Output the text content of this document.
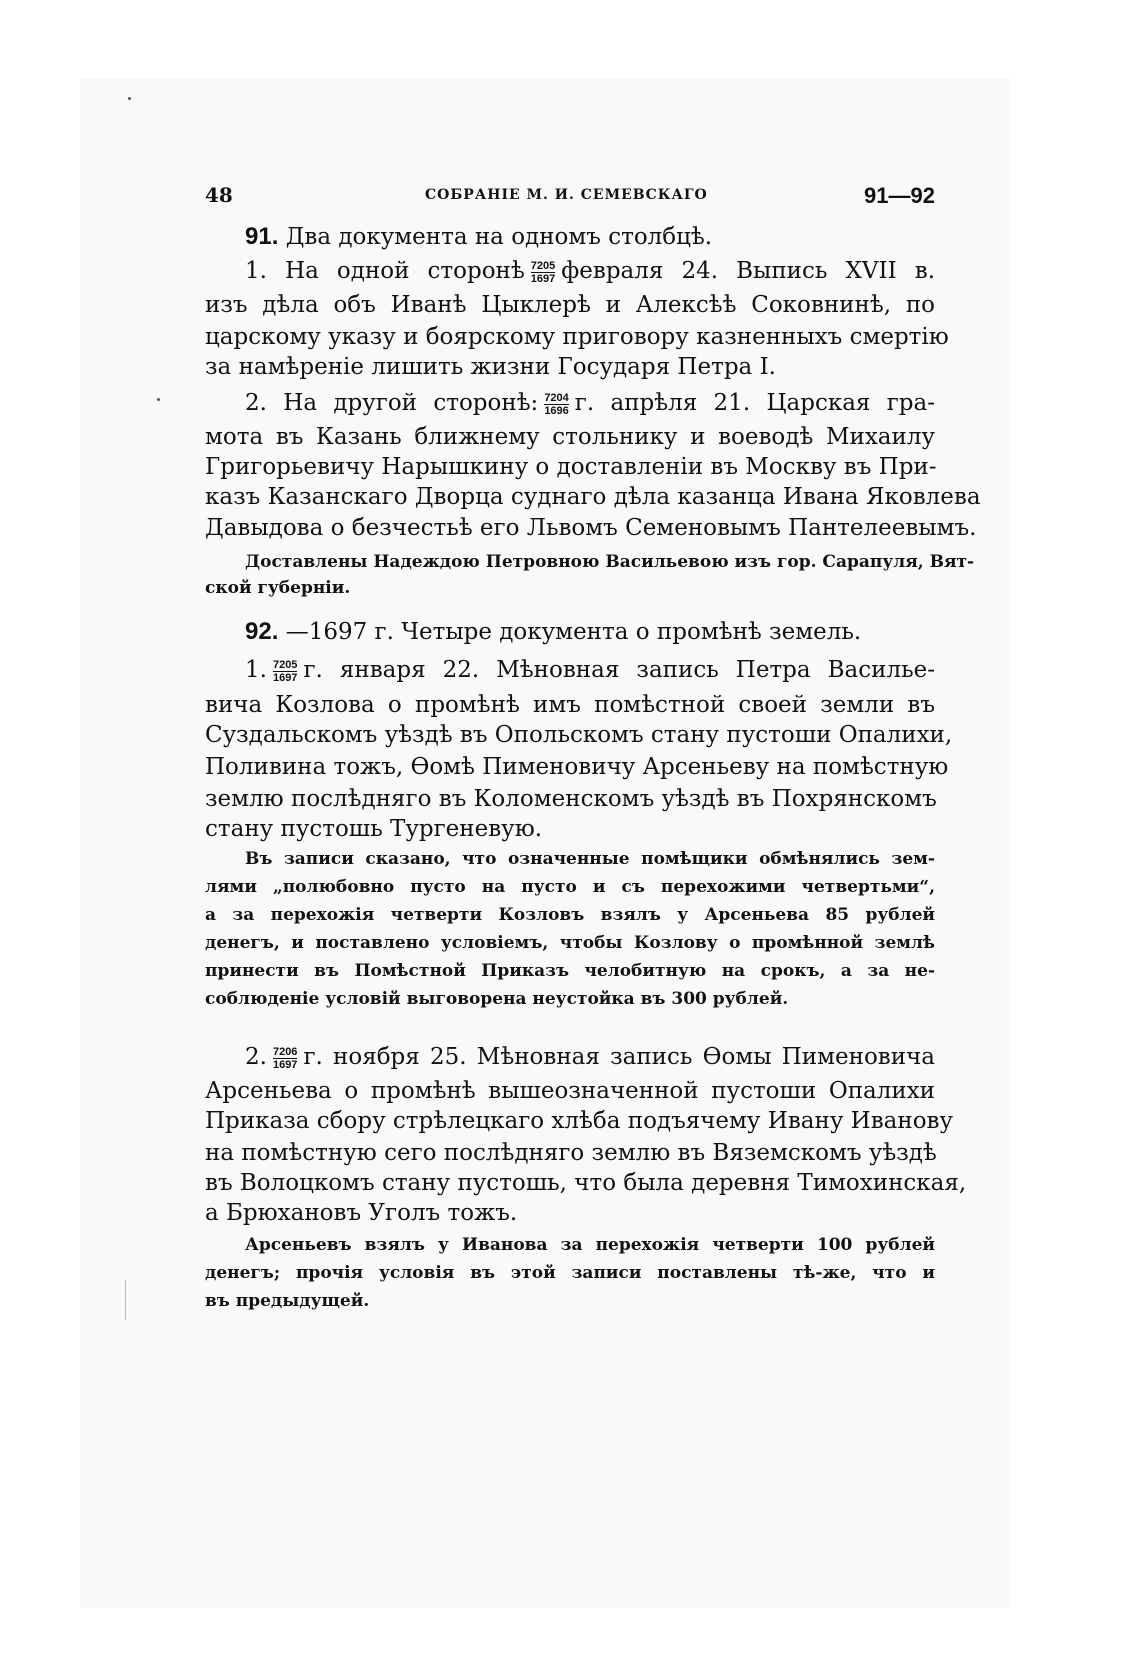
48	СОБРАНІЕ М. И. СЕМЕВСКАГО	91—92
91. Два документа на одномъ столбцѣ.
1. На одной сторонѣ $\frac{7205}{1697}$ февраля 24. Выпись XVII в.
изъ дѣла объ Иванѣ Цыклерѣ и Алексѣѣ Соковнинѣ, по
царскому указу и боярскому приговору казненныхъ смертію
за намѣреніе лишить жизни Государя Петра I.
2. На другой сторонѣ: $\frac{7204}{1696} г$. апрѣля 21. Царская гра-
мота въ Казань ближнему стольнику и воеводѣ Михаилу
Григорьевичу Нарышкину о доставленіи въ Москву въ При-
казъ Казанскаго Дворца суднаго дѣла казанца Ивана Яковлева
Давыдова о безчестьѣ его Львомъ Семеновымъ Пантелеевымъ.
Доставлены Надеждою Петровною Васильевою изъ гор. Сарапуля, Вят-
ской губерніи.
92. —1697 г. Четыре документа о промѣнѣ земель.
1. $\frac{7205}{1697} г$. января 22. Мѣновная запись Петра Василье-
вича Козлова о промѣнѣ имъ помѣстной своей земли въ
Суздальскомъ уѣздѣ въ Опольскомъ стану пустоши Опалихи,
Поливина тожъ, Ѳомѣ Пименовичу Арсеньеву на помѣстную
землю послѣдняго въ Коломенскомъ уѣздѣ въ Похрянскомъ
стану пустошь Тургеневую.
Въ записи сказано, что означенные помѣщики обмѣнялись зем-
лями „полюбовно пусто на пусто и съ перехожими четвертьми“,
а за перехожія четверти Козловъ взялъ у Арсеньева 85 рублей
денегъ, и поставлено условіемъ, чтобы Козлову о промѣнной землѣ
принести въ Помѣстной Приказъ челобитную на срокъ, а за не-
соблюденіе условій выговорена неустойка въ 300 рублей.
2. $\frac{7206}{1697} г$. ноября 25. Мѣновная запись Ѳомы Пименовича
Арсеньева о промѣнѣ вышеозначенной пустоши Опалихи
Приказа сбору стрѣлецкаго хлѣба подъячему Ивану Иванову
на помѣстную сего послѣдняго землю въ Вяземскомъ уѣздѣ
въ Волоцкомъ стану пустошь, что была деревня Тимохинская,
а Брюхановъ Уголъ тожъ.
Арсеньевъ взялъ у Иванова за перехожія четверти 100 рублей
денегъ; прочія условія въ этой записи поставлены тѣ-же, что и
въ предыдущей.
